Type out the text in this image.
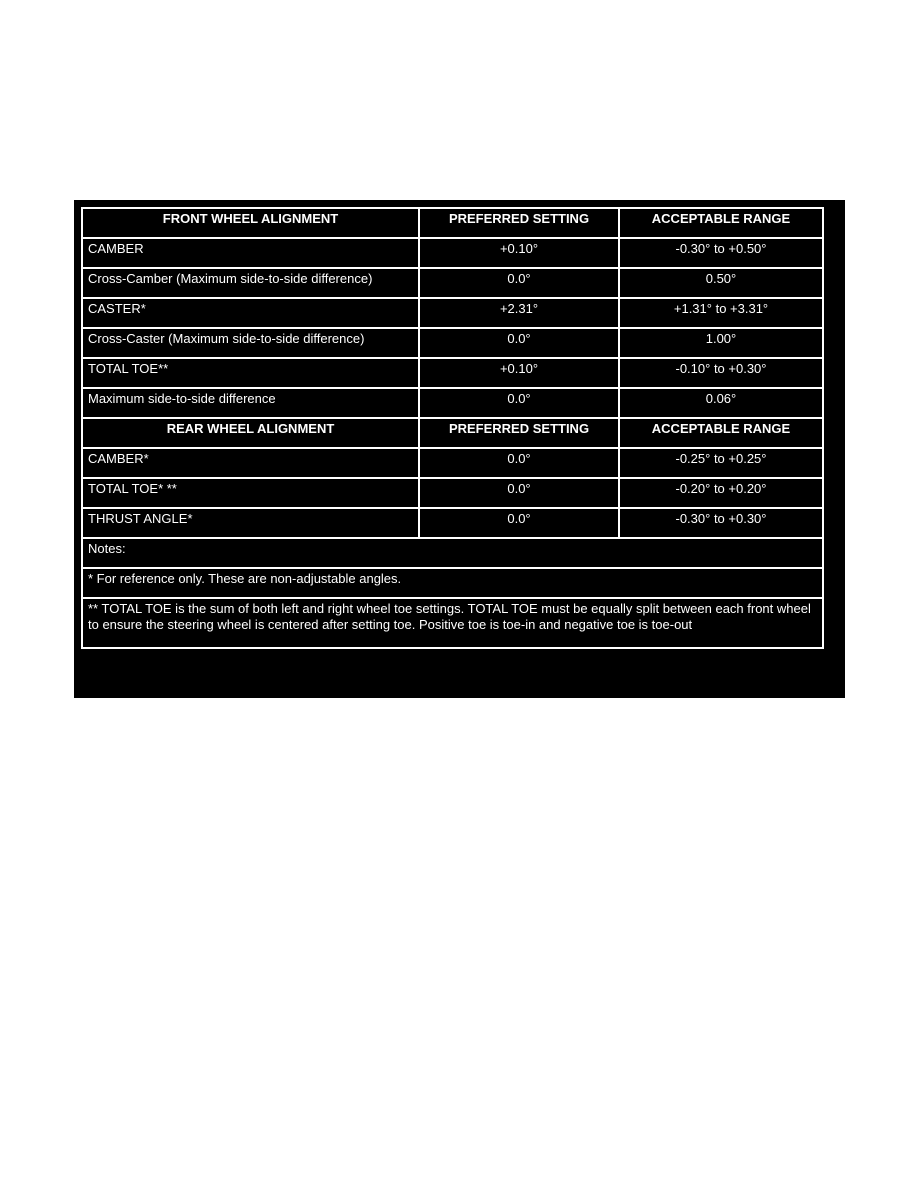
FRONT WHEEL ALIGNMENT	PREFERRED SETTING	ACCEPTABLE RANGE
CAMBER	+0.10°	-0.30° to +0.50°
Cross-Camber (Maximum side-to-side difference)	0.0°	0.50°
CASTER*	+2.31°	+1.31° to +3.31°
Cross-Caster (Maximum side-to-side difference)	0.0°	1.00°
TOTAL TOE**	+0.10°	-0.10° to +0.30°
Maximum side-to-side difference	0.0°	0.06°
REAR WHEEL ALIGNMENT	PREFERRED SETTING	ACCEPTABLE RANGE
CAMBER*	0.0°	-0.25° to +0.25°
TOTAL TOE* **	0.0°	-0.20° to +0.20°
THRUST ANGLE*	0.0°	-0.30° to +0.30°
Notes:		
* For reference only. These are non-adjustable angles.		
** TOTAL TOE is the sum of both left and right wheel toe settings. TOTAL TOE must be equally split between each front wheel to ensure the steering wheel is centered after setting toe. Positive toe is toe-in and negative toe is toe-out		
